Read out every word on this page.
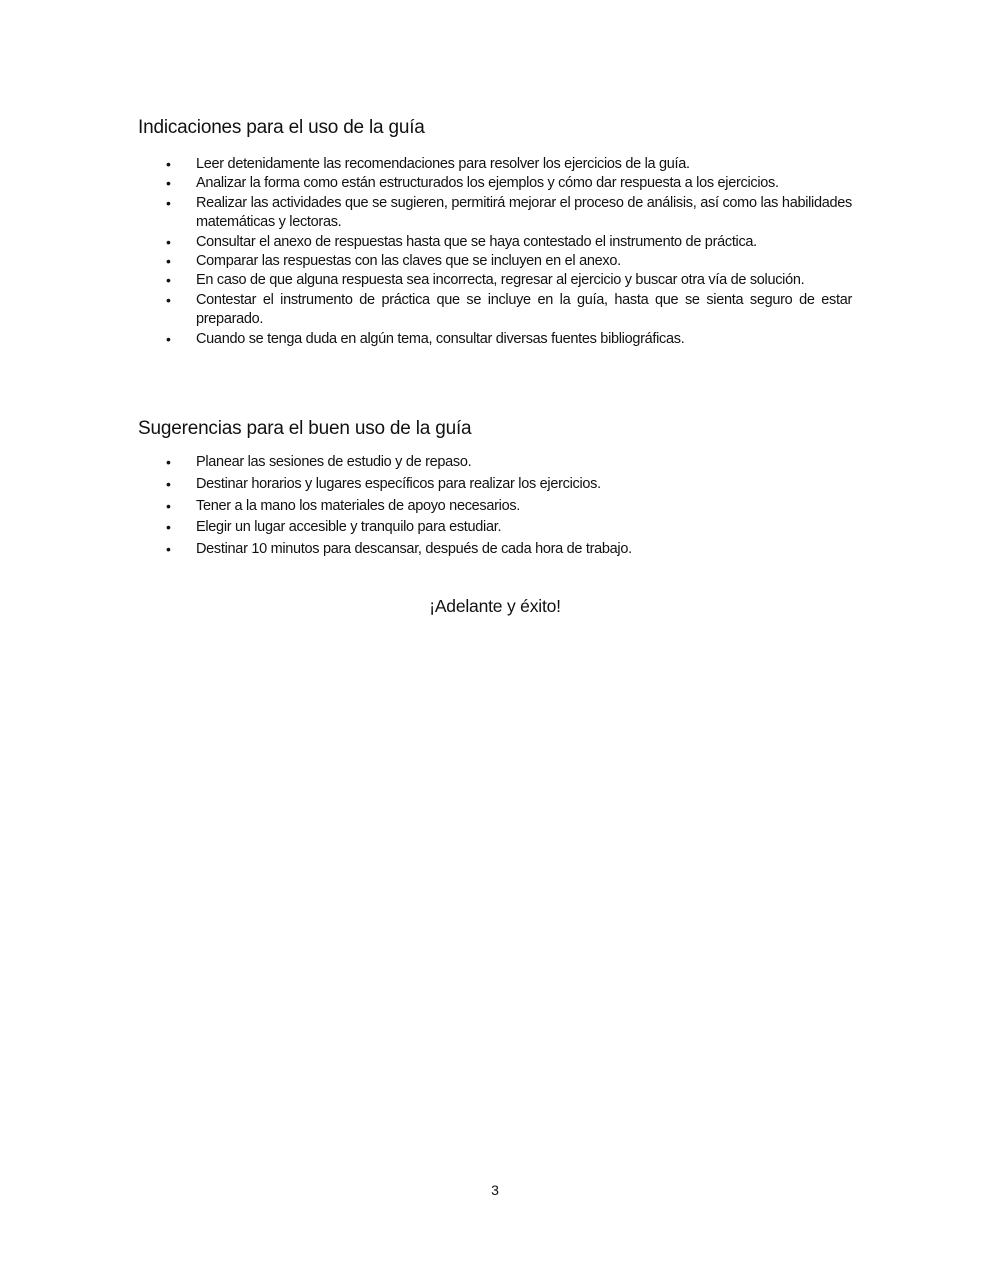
Indicaciones para el uso de la guía
• Leer detenidamente las recomendaciones para resolver los ejercicios de la guía.
• Analizar la forma como están estructurados los ejemplos y cómo dar respuesta a los ejercicios.
• Realizar las actividades que se sugieren, permitirá mejorar el proceso de análisis, así como las habilidades matemáticas y lectoras.
• Consultar el anexo de respuestas hasta que se haya contestado el instrumento de práctica.
• Comparar las respuestas con las claves que se incluyen en el anexo.
• En caso de que alguna respuesta sea incorrecta, regresar al ejercicio y buscar otra vía de solución.
• Contestar el instrumento de práctica que se incluye en la guía, hasta que se sienta seguro de estar preparado.
• Cuando se tenga duda en algún tema, consultar diversas fuentes bibliográficas.
Sugerencias para el buen uso de la guía
• Planear las sesiones de estudio y de repaso.
• Destinar horarios y lugares específicos para realizar los ejercicios.
• Tener a la mano los materiales de apoyo necesarios.
• Elegir un lugar accesible y tranquilo para estudiar.
• Destinar 10 minutos para descansar, después de cada hora de trabajo.
¡Adelante y éxito!
3
